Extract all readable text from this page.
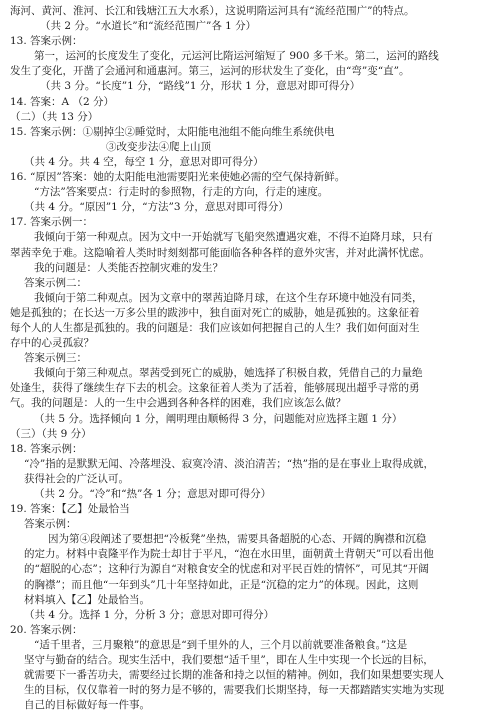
海河、黄河、淮河、长江和钱塘江五大水系），这说明隋运河具有“流经范围广”的特点。
（共 2 分。“水道长”和“流经范围广”各 1 分）
13. 答案示例：
第一，运河的长度发生了变化，元运河比隋运河缩短了 900 多千米。第二，运河的路线
发生了变化，开凿了会通河和通惠河。第三，运河的形状发生了变化，由“弯”变“直”。
（共 3 分。“长度”1 分，“路线”1 分，形状 1 分，意思对即可得分）
14. 答案：A （2 分）
（二）（共 13 分）
15. 答案示例：①剔掉尘②睡觉时，太阳能电池组不能向维生系统供电
③改变步法④爬上山顶
（共 4 分。共 4 空，每空 1 分，意思对即可得分）
16. “原因”答案：她的太阳能电池需要阳光来使她必需的空气保持新鲜。
“方法”答案要点：行走时的参照物，行走的方向，行走的速度。
（共 4 分。“原因”1 分，“方法”3 分，意思对即可得分）
17. 答案示例一：
我倾向于第一种观点。因为文中一开始就写飞船突然遭遇灾难，不得不迫降月球，只有
翠茜幸免于难。这隐喻着人类时时刻刻都可能面临各种各样的意外灾害，并对此满怀忧虑。
我的问题是：人类能否控制灾难的发生？
答案示例二：
我倾向于第二种观点。因为文章中的翠茜迫降月球，在这个生存环境中她没有同类，
她是孤独的；在长达一万多公里的跋涉中，独自面对死亡的威胁，她是孤独的。这象征着
每个人的人生都是孤独的。我的问题是：我们应该如何把握自己的人生？我们如何面对生
存中的心灵孤寂？
答案示例三：
我倾向于第三种观点。翠茜受到死亡的威胁，她选择了积极自救，凭借自己的力量绝
处逢生，获得了继续生存下去的机会。这象征着人类为了活着，能够展现出超乎寻常的勇
气。我的问题是：人的一生中会遇到各种各样的困难，我们应该怎么做？
（共 5 分。选择倾向 1 分，阐明理由顺畅得 3 分，问题能对应选择主题 1 分）
（三）（共 9 分）
18. 答案示例：
“冷”指的是默默无闻、冷落埋没、寂寞冷清、淡泊清苦；“热”指的是在事业上取得成就，
获得社会的广泛认可。
（共 2 分。“冷”和“热”各 1 分；意思对即可得分）
19. 答案：【乙】处最恰当
答案示例：
因为第④段阐述了要想把“冷板凳”坐热，需要具备超脱的心态、开阔的胸襟和沉稳
的定力。材料中袁隆平作为院士却甘于平凡，“泡在水田里，面朝黄土背朝天”可以看出他
的“超脱的心态”；这种行为源自“对粮食安全的忧虑和对平民百姓的情怀”，可见其“开阔
的胸襟”；而且他“一年到头”几十年坚持如此，正是“沉稳的定力”的体现。因此，这则
材料填入【乙】处最恰当。
（共 4 分。选择 1 分，分析 3 分；意思对即可得分）
20. 答案示例：
“适千里者，三月聚粮”的意思是“到千里外的人，三个月以前就要准备粮食。”这是
坚守与勤奋的结合。现实生活中，我们要想“适千里”，即在人生中实现一个长远的目标，
就需要下一番苦功夫，需要经过长期的准备和持之以恒的精神。例如，我们如果想要实现人
生的目标，仅仅靠着一时的努力是不够的，需要我们长期坚持，每一天都踏踏实实地为实现
自己的目标做好每一件事。
